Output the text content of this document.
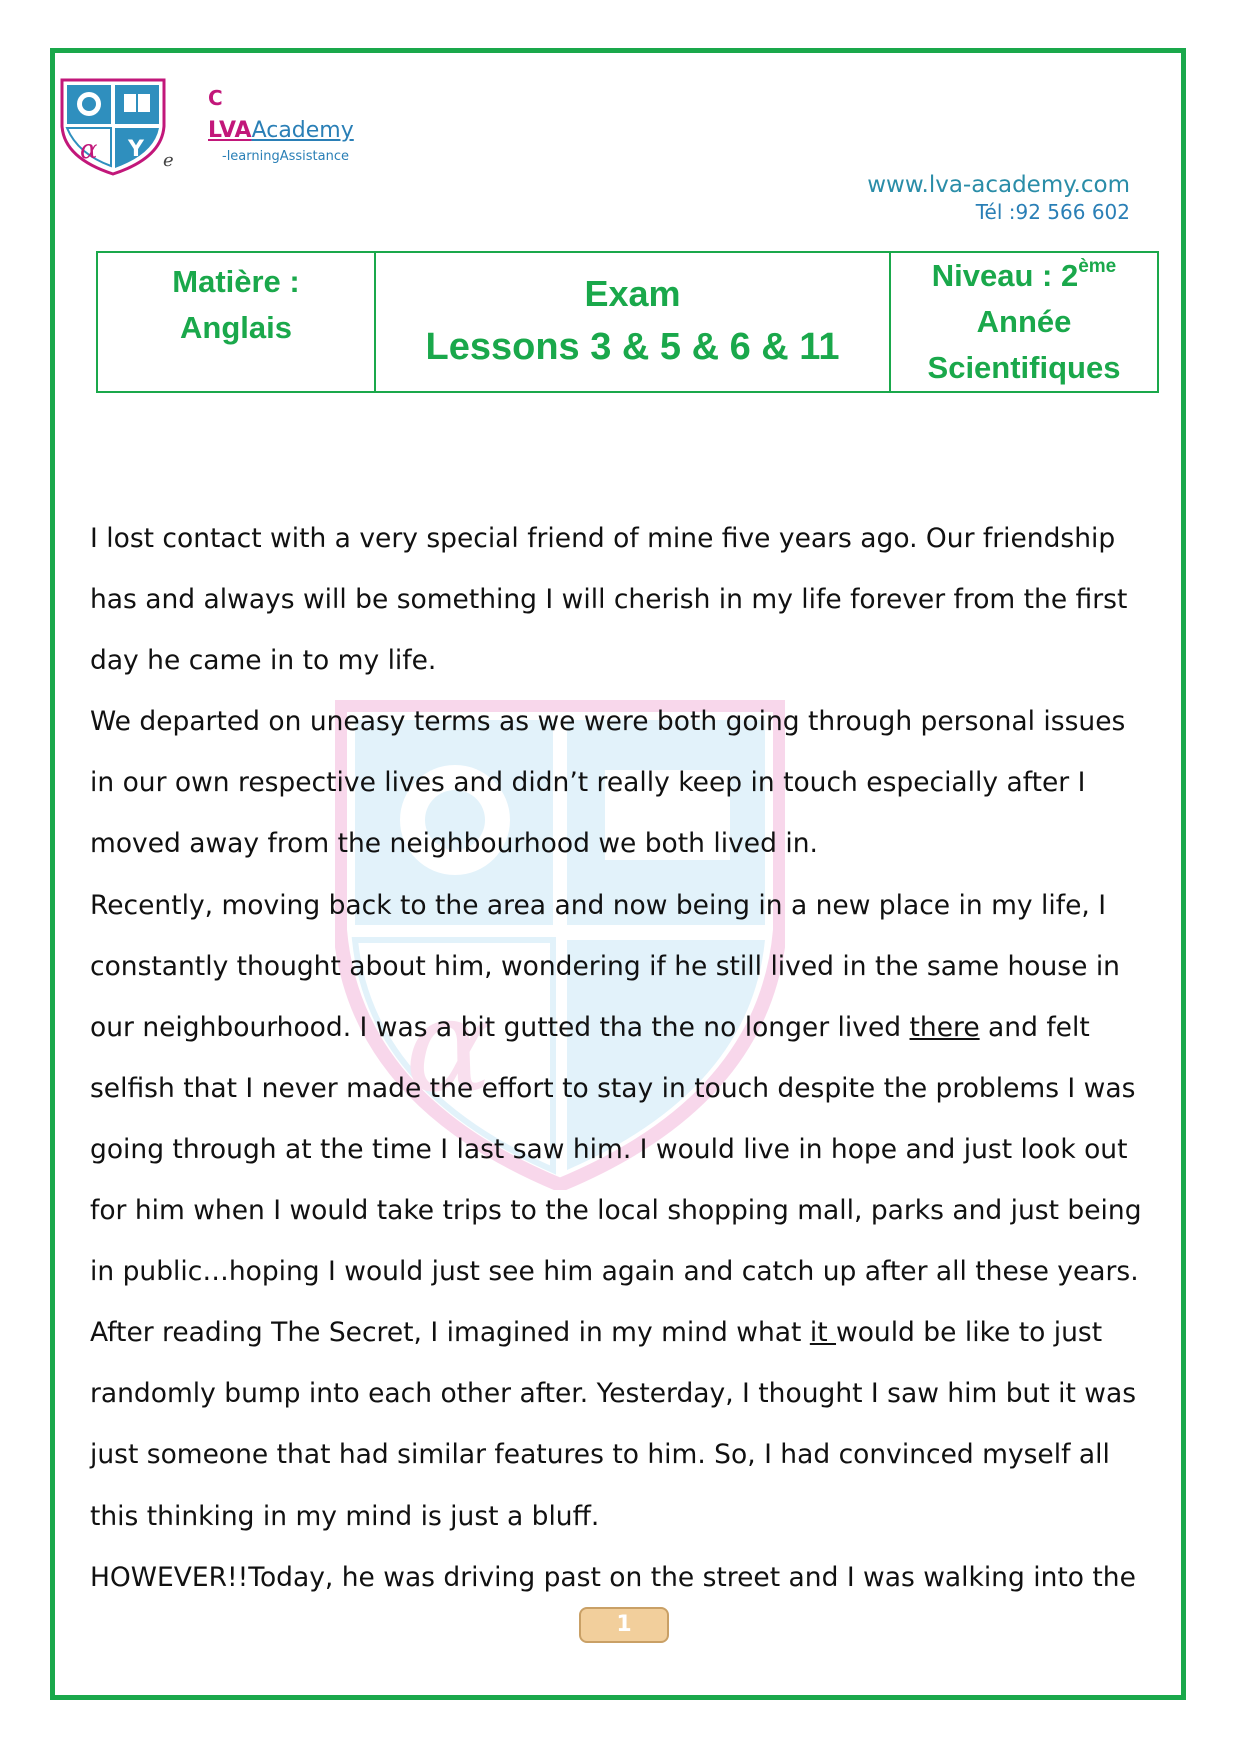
α Y
C
LVAAcademy
-learningAssistance
e
www.lva-academy.com
Tél :92 566 602
Matière :
Anglais
Exam
Lessons 3 & 5 & 6 & 11
Niveau : 2ème
Année
Scientifiques
α
I lost contact with a very special friend of mine five years ago. Our friendship
has and always will be something I will cherish in my life forever from the first
day he came in to my life.
We departed on uneasy terms as we were both going through personal issues
in our own respective lives and didn’t really keep in touch especially after I
moved away from the neighbourhood we both lived in.
Recently, moving back to the area and now being in a new place in my life, I
constantly thought about him, wondering if he still lived in the same house in
our neighbourhood. I was a bit gutted tha the no longer lived there and felt
selfish that I never made the effort to stay in touch despite the problems I was
going through at the time I last saw him. I would live in hope and just look out
for him when I would take trips to the local shopping mall, parks and just being
in public…hoping I would just see him again and catch up after all these years.
After reading The Secret, I imagined in my mind what it would be like to just
randomly bump into each other after. Yesterday, I thought I saw him but it was
just someone that had similar features to him. So, I had convinced myself all
this thinking in my mind is just a bluff.
HOWEVER!!Today, he was driving past on the street and I was walking into the
1
